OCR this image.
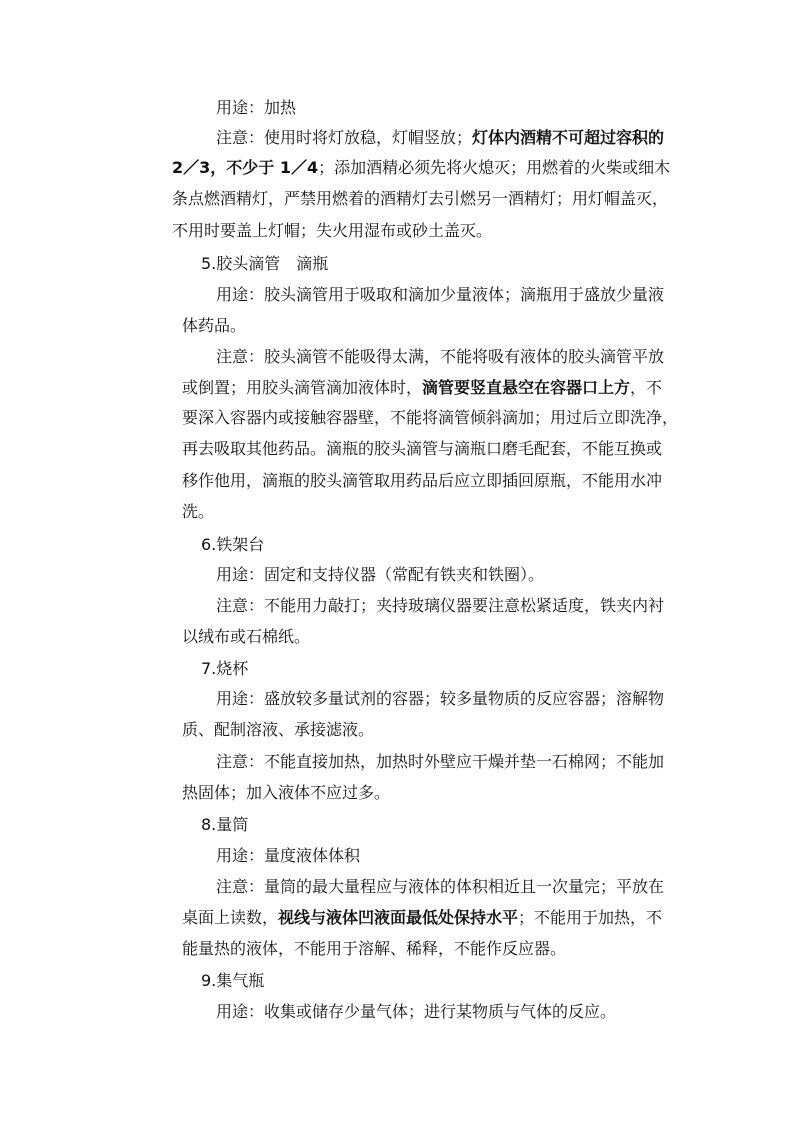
用途：加热
注意：使用时将灯放稳，灯帽竖放；灯体内酒精不可超过容积的
2／3，不少于 1／4；添加酒精必须先将火熄灭；用燃着的火柴或细木
条点燃酒精灯，严禁用燃着的酒精灯去引燃另一酒精灯；用灯帽盖灭，
不用时要盖上灯帽；失火用湿布或砂土盖灭。
5.胶头滴管　滴瓶
用途：胶头滴管用于吸取和滴加少量液体；滴瓶用于盛放少量液
体药品。
注意：胶头滴管不能吸得太满，不能将吸有液体的胶头滴管平放
或倒置；用胶头滴管滴加液体时，滴管要竖直悬空在容器口上方，不
要深入容器内或接触容器壁，不能将滴管倾斜滴加；用过后立即洗净，
再去吸取其他药品。滴瓶的胶头滴管与滴瓶口磨毛配套，不能互换或
移作他用，滴瓶的胶头滴管取用药品后应立即插回原瓶，不能用水冲
洗。
6.铁架台
用途：固定和支持仪器（常配有铁夹和铁圈）。
注意：不能用力敲打；夹持玻璃仪器要注意松紧适度，铁夹内衬
以绒布或石棉纸。
7.烧杯
用途：盛放较多量试剂的容器；较多量物质的反应容器；溶解物
质、配制溶液、承接滤液。
注意：不能直接加热，加热时外壁应干燥并垫一石棉网；不能加
热固体；加入液体不应过多。
8.量筒
用途：量度液体体积
注意：量筒的最大量程应与液体的体积相近且一次量完；平放在
桌面上读数，视线与液体凹液面最低处保持水平；不能用于加热，不
能量热的液体，不能用于溶解、稀释，不能作反应器。
9.集气瓶
用途：收集或储存少量气体；进行某物质与气体的反应。
